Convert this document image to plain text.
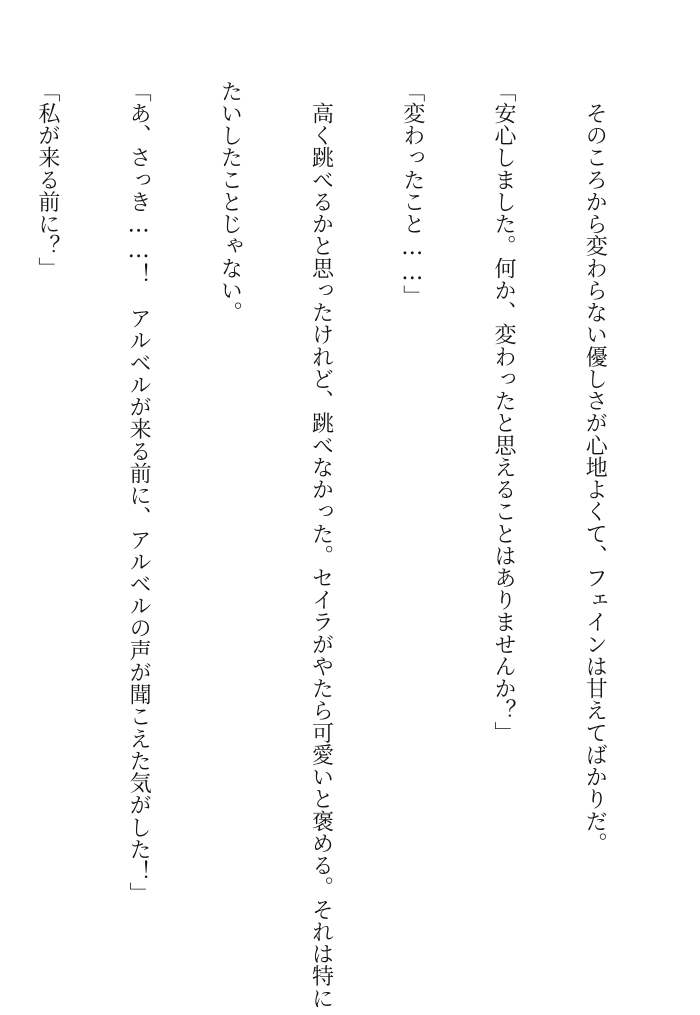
　そのころから変わらない優しさが心地よくて、フェインは甘えてばかりだ。

「安心しました。何か、変わったと思えることはありませんか？」

「変わったこと……」

　高く跳べるかと思ったけれど、跳べなかった。セイラがやたら可愛いと褒める。それは特に

たいしたことじゃない。

「あ、さっき……！　アルベルが来る前に、アルベルの声が聞こえた気がした！」

「私が来る前に？」
